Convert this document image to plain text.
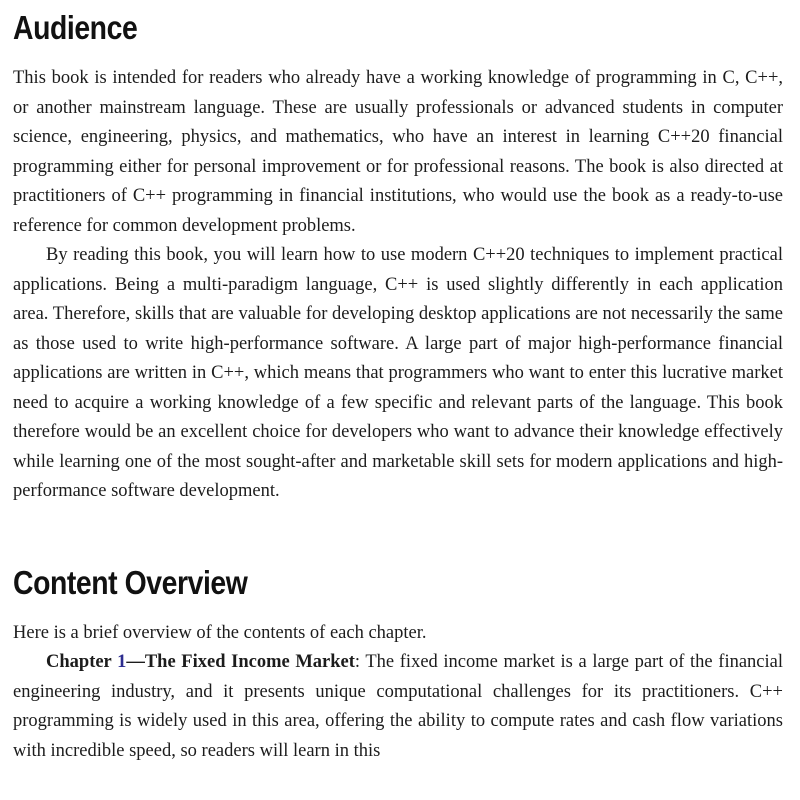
Audience

This book is intended for readers who already have a working knowledge of programming in C, C++, or another mainstream language. These are usually professionals or advanced students in computer science, engineering, physics, and mathematics, who have an interest in learning C++20 financial programming either for personal improvement or for professional reasons. The book is also directed at practitioners of C++ programming in financial institutions, who would use the book as a ready-to-use reference for common development problems.

By reading this book, you will learn how to use modern C++20 techniques to implement practical applications. Being a multi-paradigm language, C++ is used slightly differently in each application area. Therefore, skills that are valuable for developing desktop applications are not necessarily the same as those used to write high-performance software. A large part of major high-performance financial applications are written in C++, which means that programmers who want to enter this lucrative market need to acquire a working knowledge of a few specific and relevant parts of the language. This book therefore would be an excellent choice for developers who want to advance their knowledge effectively while learning one of the most sought-after and marketable skill sets for modern applications and high-performance software development.

Content Overview

Here is a brief overview of the contents of each chapter.

Chapter 1—The Fixed Income Market: The fixed income market is a large part of the financial engineering industry, and it presents unique computational challenges for its practitioners. C++ programming is widely used in this area, offering the ability to compute rates and cash flow variations with incredible speed, so readers will learn in this
